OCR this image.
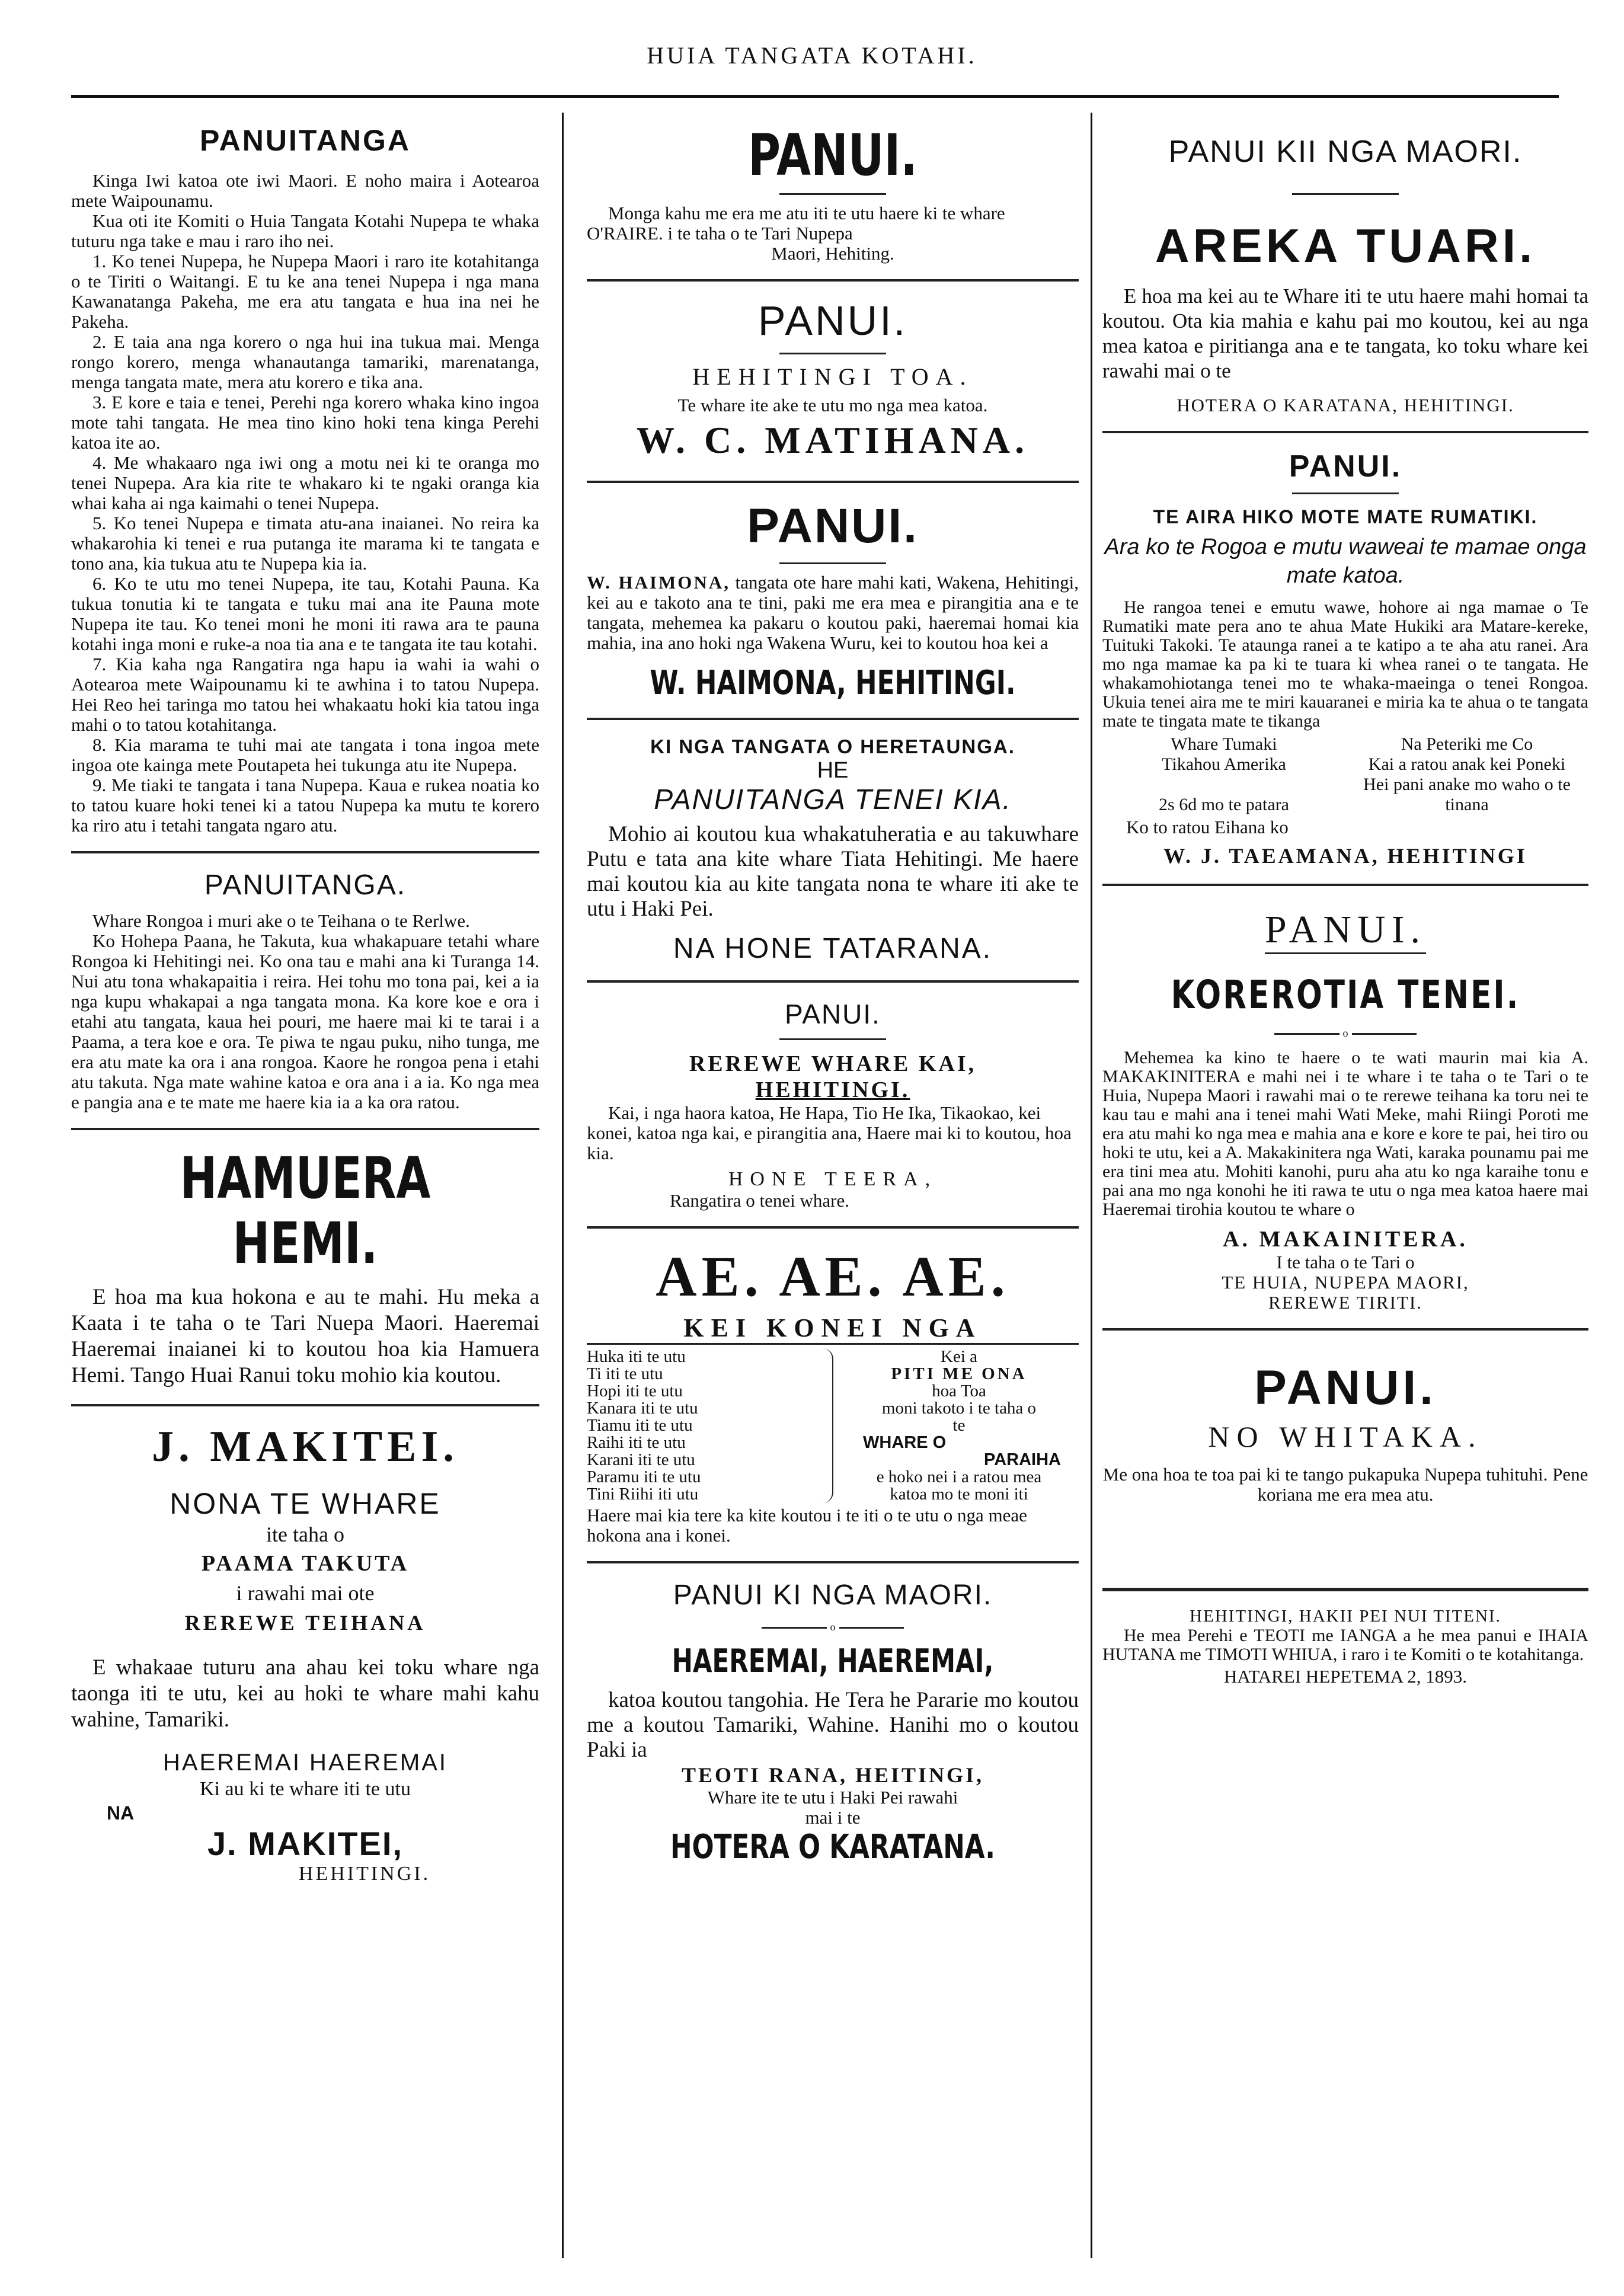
HUIA TANGATA KOTAHI.
PANUITANGA

Kinga Iwi katoa ote iwi Maori. E noho maira i Aotearoa mete Waipounamu.

Kua oti ite Komiti o Huia Tangata Kotahi Nupepa te whaka tuturu nga take e mau i raro iho nei.

1. Ko tenei Nupepa, he Nupepa Maori i raro ite kotahitanga o te Tiriti o Waitangi. E tu ke ana tenei Nupepa i nga mana Kawanatanga Pakeha, me era atu tangata e hua ina nei he Pakeha.

2. E taia ana nga korero o nga hui ina tukua mai. Menga rongo korero, menga whanautanga tamariki, marenatanga, menga tangata mate, mera atu korero e tika ana.

3. E kore e taia e tenei, Perehi nga korero whaka kino ingoa mote tahi tangata. He mea tino kino hoki tena kinga Perehi katoa ite ao.

4. Me whakaaro nga iwi ong a motu nei ki te oranga mo tenei Nupepa. Ara kia rite te whakaro ki te ngaki oranga kia whai kaha ai nga kaimahi o tenei Nupepa.

5. Ko tenei Nupepa e timata atu-ana inaianei. No reira ka whakarohia ki tenei e rua putanga ite marama ki te tangata e tono ana, kia tukua atu te Nupepa kia ia.

6. Ko te utu mo tenei Nupepa, ite tau, Kotahi Pauna. Ka tukua tonutia ki te tangata e tuku mai ana ite Pauna mote Nupepa ite tau. Ko tenei moni he moni iti rawa ara te pauna kotahi inga moni e ruke-a noa tia ana e te tangata ite tau kotahi.

7. Kia kaha nga Rangatira nga hapu ia wahi ia wahi o Aotearoa mete Waipounamu ki te awhina i to tatou Nupepa. Hei Reo hei taringa mo tatou hei whakaatu hoki kia tatou inga mahi o to tatou kotahitanga.

8. Kia marama te tuhi mai ate tangata i tona ingoa mete ingoa ote kainga mete Poutapeta hei tukunga atu ite Nupepa.

9. Me tiaki te tangata i tana Nupepa. Kaua e rukea noatia ko to tatou kuare hoki tenei ki a tatou Nupepa ka mutu te korero ka riro atu i tetahi tangata ngaro atu.

PANUITANGA.

Whare Rongoa i muri ake o te Teihana o te Rerlwe.

Ko Hohepa Paana, he Takuta, kua whakapuare tetahi whare Rongoa ki Hehitingi nei. Ko ona tau e mahi ana ki Turanga 14. Nui atu tona whakapaitia i reira. Hei tohu mo tona pai, kei a ia nga kupu whakapai a nga tangata mona. Ka kore koe e ora i etahi atu tangata, kaua hei pouri, me haere mai ki te tarai i a Paama, a tera koe e ora. Te piwa te ngau puku, niho tunga, me era atu mate ka ora i ana rongoa. Kaore he rongoa pena i etahi atu takuta. Nga mate wahine katoa e ora ana i a ia. Ko nga mea e pangia ana e te mate me haere kia ia a ka ora ratou.

HAMUERA HEMI.

E hoa ma kua hokona e au te mahi. Hu meka a Kaata i te taha o te Tari Nuepa Maori. Haeremai Haeremai inaianei ki to koutou hoa kia Hamuera Hemi. Tango Huai Ranui toku mohio kia koutou.

J. MAKITEI.
NONA TE WHARE
ite taha o
PAAMA TAKUTA
i rawahi mai ote
RERЕWE TEIHANA

E whakaae tuturu ana ahau kei toku whare nga taonga iti te utu, kei au hoki te whare mahi kahu wahine, Tamariki.

HAEREMAI HAEREMAI
Ki au ki te whare iti te utu
NA
J. MAKITEI,
HEHITINGI.
PANUI.

Monga kahu me era me atu iti te utu haere ki te whare O'RAIRE. i te taha o te Tari Nupepa

Maori, Hehiting.
PANUI.
HEHITINGI TOA.
Te whare ite ake te utu mo nga mea katoa.
W. C. MATIHANA.
PANUI.

W. HAIMONA, tangata ote hare mahi kati, Wakena, Hehitingi, kei au e takoto ana te tini, paki me era mea e pirangitia ana e te tangata, mehemea ka pakaru o koutou paki, haeremai homai kia mahia, ina ano hoki nga Wakena Wuru, kei to koutou hoa kei a

W. HAIMONA, HEHITINGI.
KI NGA TANGATA O HERETAUNGA.
HE
PANUITANGA TENEI KIA.

Mohio ai koutou kua whakatuheratia e au takuwhare Putu e tata ana kite whare Tiata Hehitingi. Me haere mai koutou kia au kite tangata nona te whare iti ake te utu i Haki Pei.

NA HONE TATARANA.
PANUI.
REREWE WHARE KAI,
HEHITINGI.

Kai, i nga haora katoa, He Hapa, Tio He Ika, Tikaokao, kei konei, katoa nga kai, e pirangitia ana, Haere mai ki to koutou, hoa kia.

HONE TEERA,
Rangatira o tenei whare.
AE. AE. AE.
KEI KONEI NGA
Huka iti te utu
Ti iti te utu
Hopi iti te utu
Kanara iti te utu
Tiamu iti te utu
Raihi iti te utu
Karani iti te utu
Paramu iti te utu
Tini Riihi iti utu
Kei a
PITI ME ONA
hoa Toa
moni takoto i te taha o
te
WHARE O
PARAIHA
e hoko nei i a ratou mea
katoa mo te moni iti

Haere mai kia tere ka kite koutou i te iti o te utu o nga meae hokona ana i konei.

PANUI KI NGA MAORI.
o
HAEREMAI, HAEREMAI,

katoa koutou tangohia. He Tera he Pararie mo koutou me a koutou Tamariki, Wahine. Hanihi mo o koutou Paki ia

TEOTI RANA, HEITINGI,
Whare ite te utu i Haki Pei rawahi
mai i te
HOTERA O KARATANA.
PANUI KII NGA MAORI.
AREKA TUARI.

E hoa ma kei au te Whare iti te utu haere mahi homai ta koutou. Ota kia mahia e kahu pai mo koutou, kei au nga mea katoa e piritianga ana e te tangata, ko toku whare kei rawahi mai o te

HOTERA O KARATANA, HEHITINGI.
PANUI.
TE AIRA HIKO MOTE MATE RUMATIKI.
Ara ko te Rogoa e mutu waweai te mamae onga mate katoa.

He rangoa tenei e emutu wawe, hohore ai nga mamae o Te Rumatiki mate pera ano te ahua Mate Hukiki ara Matare-kereke, Tuituki Takoki. Te ataunga ranei a te katipo a te aha atu ranei. Ara mo nga mamae ka pa ki te tuara ki whea ranei o te tangata. He whakamohiotanga tenei mo te whaka-maeinga o tenei Rongoa. Ukuia tenei aira me te miri kauaranei e miria ka te ahua o te tangata mate te tingata mate te tikanga

Whare Tumaki
Tikahou Amerika
2s 6d mo te patara
Na Peteriki me Co
Kai a ratou anak kei Poneki
Hei pani anake mo waho o te tinana
Ko to ratou Eihana ko
W. J. TAEAMANA, HEHITINGI
PANUI.
KOREROTIA TENEI.
o

Mehemea ka kino te haere o te wati maurin mai kia A. MAKAKINITERA e mahi nei i te whare i te taha o te Tari o te Huia, Nupepa Maori i rawahi mai o te rerewe teihana ka toru nei te kau tau e mahi ana i tenei mahi Wati Meke, mahi Riingi Poroti me era atu mahi ko nga mea e mahia ana e kore e kore te pai, hei tiro ou hoki te utu, kei a A. Makakinitera nga Wati, karaka pounamu pai me era tini mea atu. Mohiti kanohi, puru aha atu ko nga karaihe tonu e pai ana mo nga konohi he iti rawa te utu o nga mea katoa haere mai Haeremai tirohia koutou te whare o

A. MAKAINITERA.
I te taha o te Tari o
TE HUIA, NUPEPA MAORI,
REREWE TIRITI.
PANUI.
NO WHITAKA.

Me ona hoa te toa pai ki te tango pukapuka Nupepa tuhituhi. Pene koriana me era mea atu.

HEHITINGI, HAKII PEI NUI TITENI.

He mea Perehi e TEOTI me IANGA a he mea panui e IHAIA HUTANA me TIMOTI WHIUA, i raro i te Komiti o te kotahitanga.

HATAREI HEPETEMA 2, 1893.
